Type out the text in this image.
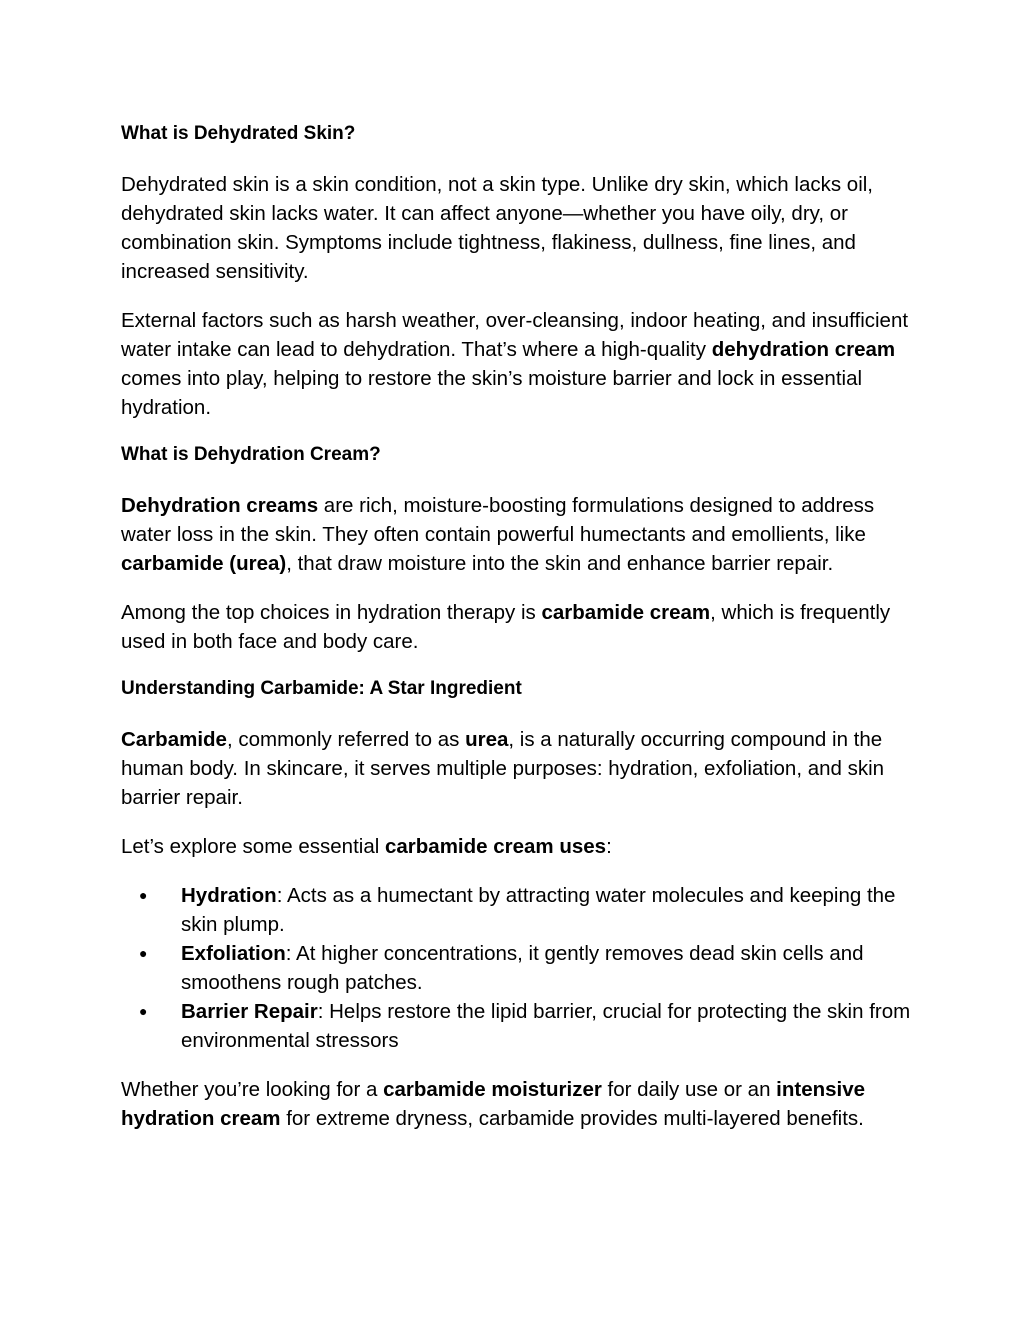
What is Dehydrated Skin?

Dehydrated skin is a skin condition, not a skin type. Unlike dry skin, which lacks oil, dehydrated skin lacks water. It can affect anyone—whether you have oily, dry, or combination skin. Symptoms include tightness, flakiness, dullness, fine lines, and increased sensitivity.

External factors such as harsh weather, over-cleansing, indoor heating, and insufficient water intake can lead to dehydration. That’s where a high-quality dehydration cream comes into play, helping to restore the skin’s moisture barrier and lock in essential hydration.

What is Dehydration Cream?

Dehydration creams are rich, moisture-boosting formulations designed to address water loss in the skin. They often contain powerful humectants and emollients, like carbamide (urea), that draw moisture into the skin and enhance barrier repair.

Among the top choices in hydration therapy is carbamide cream, which is frequently used in both face and body care.

Understanding Carbamide: A Star Ingredient

Carbamide, commonly referred to as urea, is a naturally occurring compound in the human body. In skincare, it serves multiple purposes: hydration, exfoliation, and skin barrier repair.

Let’s explore some essential carbamide cream uses:

● Hydration: Acts as a humectant by attracting water molecules and keeping the skin plump.
● Exfoliation: At higher concentrations, it gently removes dead skin cells and smoothens rough patches.
● Barrier Repair: Helps restore the lipid barrier, crucial for protecting the skin from environmental stressors

Whether you’re looking for a carbamide moisturizer for daily use or an intensive hydration cream for extreme dryness, carbamide provides multi-layered benefits.
